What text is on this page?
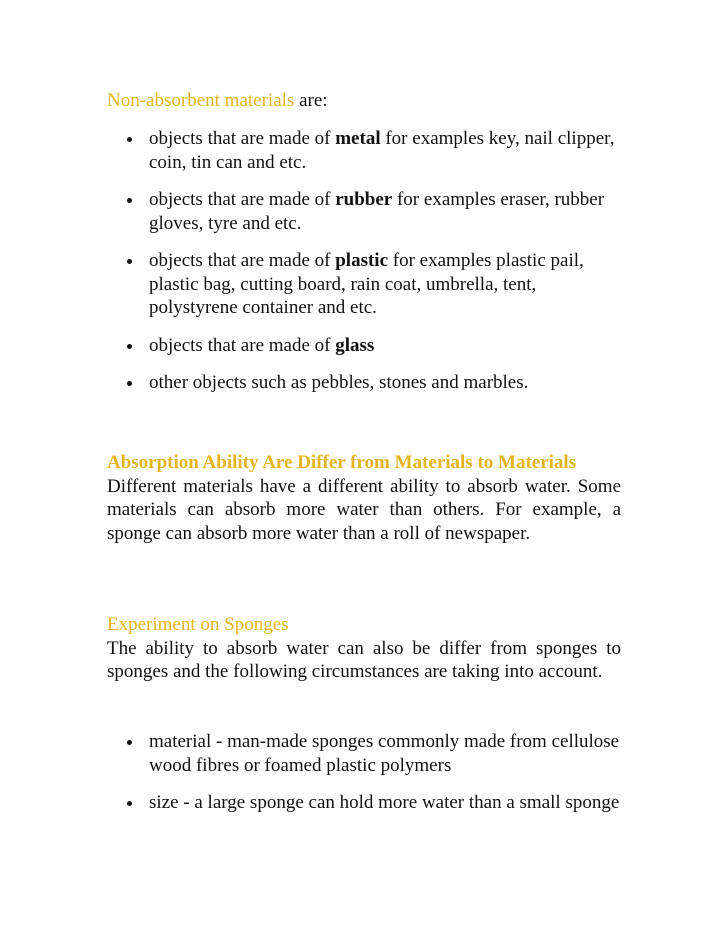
Non-absorbent materials are:
objects that are made of metal for examples key, nail clipper, coin, tin can and etc.
objects that are made of rubber for examples eraser, rubber gloves, tyre and etc.
objects that are made of plastic for examples plastic pail, plastic bag, cutting board, rain coat, umbrella, tent, polystyrene container and etc.
objects that are made of glass
other objects such as pebbles, stones and marbles.
Absorption Ability Are Differ from Materials to Materials
Different materials have a different ability to absorb water. Some materials can absorb more water than others. For example, a sponge can absorb more water than a roll of newspaper.
Experiment on Sponges
The ability to absorb water can also be differ from sponges to sponges and the following circumstances are taking into account.
material - man-made sponges commonly made from cellulose wood fibres or foamed plastic polymers
size - a large sponge can hold more water than a small sponge
